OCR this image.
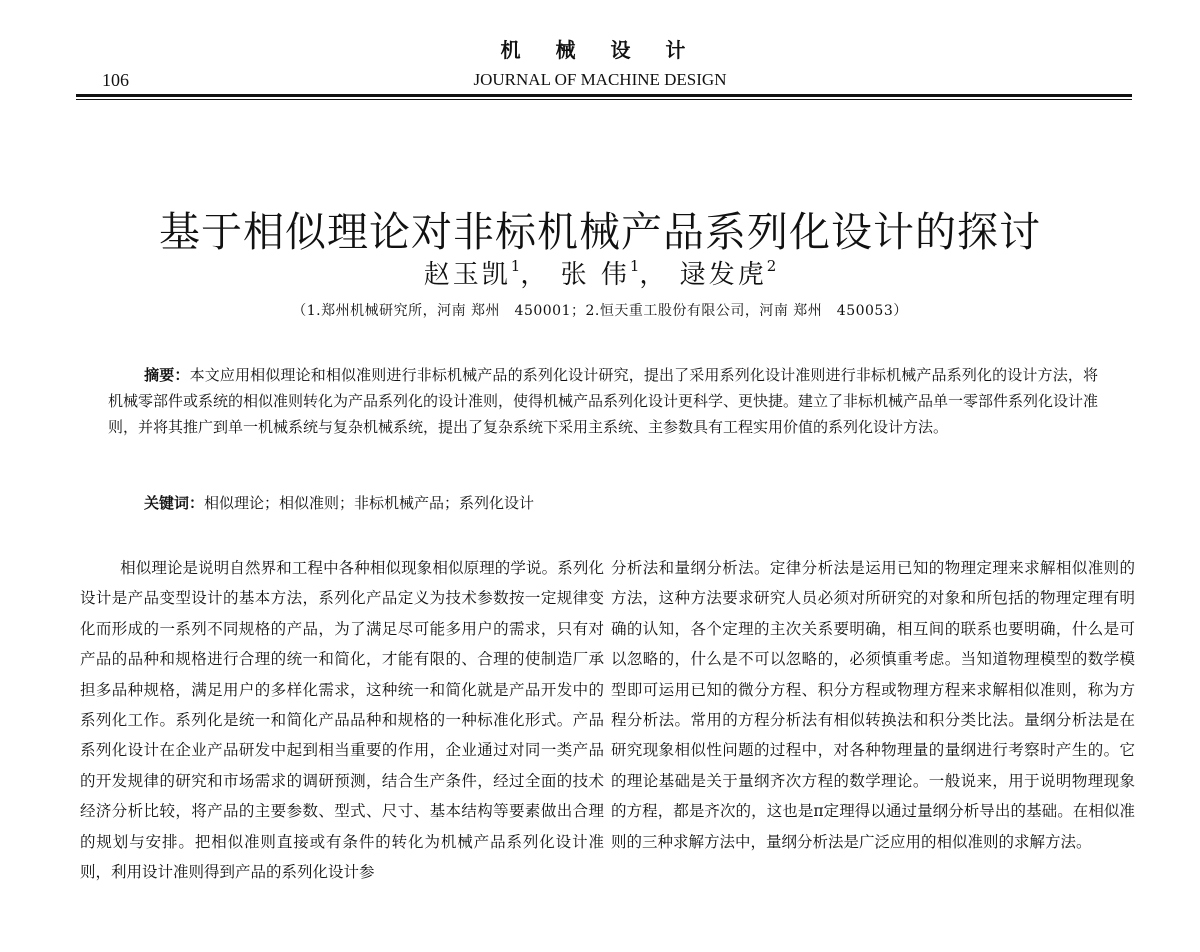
机 械 设 计
106	JOURNAL OF MACHINE DESIGN
基于相似理论对非标机械产品系列化设计的探讨
赵玉凯$^1$， 张 伟$^1$， 逯发虎$^2$
（1.郑州机械研究所，河南 郑州　450001；2.恒天重工股份有限公司，河南 郑州　450053）
摘要：本文应用相似理论和相似准则进行非标机械产品的系列化设计研究，提出了采用系列化设计准则进行非标机械产品系列化的设计方法，将机械零部件或系统的相似准则转化为产品系列化的设计准则，使得机械产品系列化设计更科学、更快捷。建立了非标机械产品单一零部件系列化设计准则，并将其推广到单一机械系统与复杂机械系统，提出了复杂系统下采用主系统、主参数具有工程实用价值的系列化设计方法。
关键词：相似理论；相似准则；非标机械产品；系列化设计
相似理论是说明自然界和工程中各种相似现象相似原理的学说。系列化设计是产品变型设计的基本方法，系列化产品定义为技术参数按一定规律变化而形成的一系列不同规格的产品，为了满足尽可能多用户的需求，只有对产品的品种和规格进行合理的统一和简化，才能有限的、合理的使制造厂承担多品种规格，满足用户的多样化需求，这种统一和简化就是产品开发中的系列化工作。系列化是统一和简化产品品种和规格的一种标准化形式。产品系列化设计在企业产品研发中起到相当重要的作用，企业通过对同一类产品的开发规律的研究和市场需求的调研预测，结合生产条件，经过全面的技术经济分析比较，将产品的主要参数、型式、尺寸、基本结构等要素做出合理的规划与安排。把相似准则直接或有条件的转化为机械产品系列化设计准则，利用设计准则得到产品的系列化设计参
分析法和量纲分析法。定律分析法是运用已知的物理定理来求解相似准则的方法，这种方法要求研究人员必须对所研究的对象和所包括的物理定理有明确的认知，各个定理的主次关系要明确，相互间的联系也要明确，什么是可以忽略的，什么是不可以忽略的，必须慎重考虑。当知道物理模型的数学模型即可运用已知的微分方程、积分方程或物理方程来求解相似准则，称为方程分析法。常用的方程分析法有相似转换法和积分类比法。量纲分析法是在研究现象相似性问题的过程中，对各种物理量的量纲进行考察时产生的。它的理论基础是关于量纲齐次方程的数学理论。一般说来，用于说明物理现象的方程，都是齐次的，这也是π定理得以通过量纲分析导出的基础。在相似准则的三种求解方法中，量纲分析法是广泛应用的相似准则的求解方法。
